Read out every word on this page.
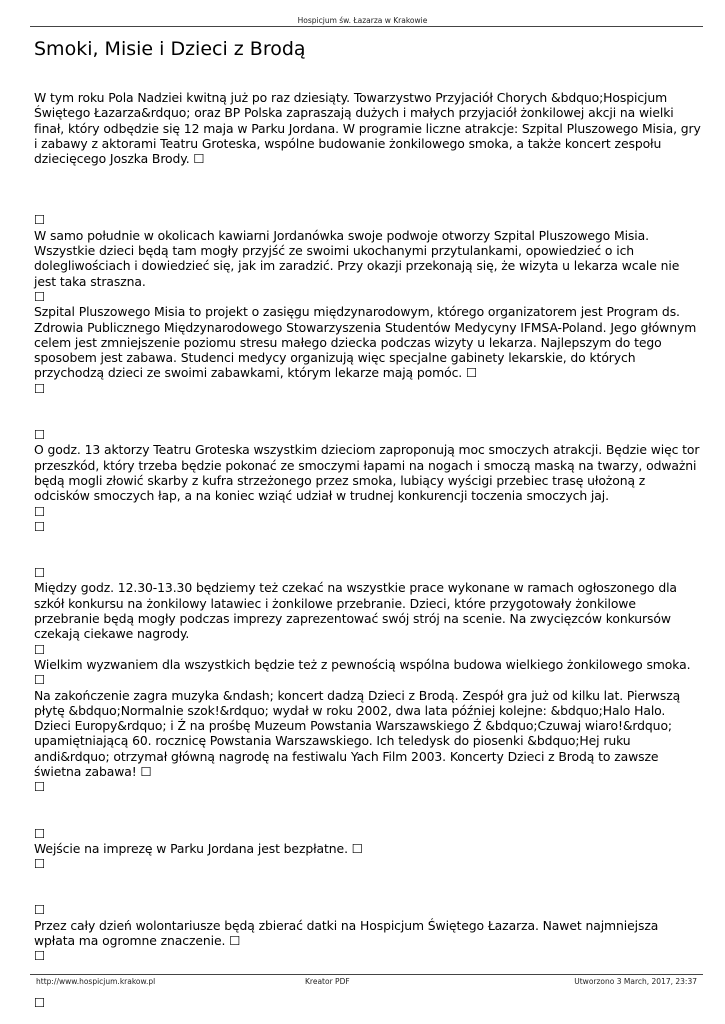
Hospicjum św. Łazarza w Krakowie
Smoki, Misie i Dzieci z Brodą
W tym roku Pola Nadziei kwitną już po raz dziesiąty. Towarzystwo Przyjaciół Chorych &bdquo;Hospicjum Świętego Łazarza&rdquo; oraz BP Polska zapraszają dużych i małych przyjaciół żonkilowej akcji na wielki finał, który odbędzie się 12 maja w Parku Jordana. W programie liczne atrakcje: Szpital Pluszowego Misia, gry i zabawy z aktorami Teatru Groteska, wspólne budowanie żonkilowego smoka, a także koncert zespołu dziecięcego Joszka Brody. ☐
☐
W samo południe w okolicach kawiarni Jordanówka swoje podwoje otworzy Szpital Pluszowego Misia. Wszystkie dzieci będą tam mogły przyjść ze swoimi ukochanymi przytulankami, opowiedzieć o ich dolegliwościach i dowiedzieć się, jak im zaradzić. Przy okazji przekonają się, że wizyta u lekarza wcale nie jest taka straszna.
☐
Szpital Pluszowego Misia to projekt o zasięgu międzynarodowym, którego organizatorem jest Program ds. Zdrowia Publicznego Międzynarodowego Stowarzyszenia Studentów Medycyny IFMSA-Poland. Jego głównym celem jest zmniejszenie poziomu stresu małego dziecka podczas wizyty u lekarza. Najlepszym do tego sposobem jest zabawa. Studenci medycy organizują więc specjalne gabinety lekarskie, do których przychodzą dzieci ze swoimi zabawkami, którym lekarze mają pomóc. ☐
☐
☐
O godz. 13 aktorzy Teatru Groteska wszystkim dzieciom zaproponują moc smoczych atrakcji. Będzie więc tor przeszkód, który trzeba będzie pokonać ze smoczymi łapami na nogach i smoczą maską na twarzy, odważni będą mogli złowić skarby z kufra strzeżonego przez smoka, lubiący wyścigi przebiec trasę ułożoną z odcisków smoczych łap, a na koniec wziąć udział w trudnej konkurencji toczenia smoczych jaj.
☐
☐
☐
Między godz. 12.30-13.30 będziemy też czekać na wszystkie prace wykonane w ramach ogłoszonego dla szkół konkursu na żonkilowy latawiec i żonkilowe przebranie. Dzieci, które przygotowały żonkilowe przebranie będą mogły podczas imprezy zaprezentować swój strój na scenie. Na zwycięzców konkursów czekają ciekawe nagrody.
☐
Wielkim wyzwaniem dla wszystkich będzie też z pewnością wspólna budowa wielkiego żonkilowego smoka.
☐
Na zakończenie zagra muzyka &ndash; koncert dadzą Dzieci z Brodą. Zespół gra już od kilku lat. Pierwszą płytę &bdquo;Normalnie szok!&rdquo; wydał w roku 2002, dwa lata później kolejne: &bdquo;Halo Halo. Dzieci Europy&rdquo; i Ź na prośbę Muzeum Powstania Warszawskiego Ź &bdquo;Czuwaj wiaro!&rdquo; upamiętniającą 60. rocznicę Powstania Warszawskiego. Ich teledysk do piosenki &bdquo;Hej ruku andi&rdquo; otrzymał główną nagrodę na festiwalu Yach Film 2003. Koncerty Dzieci z Brodą to zawsze świetna zabawa! ☐
☐
☐
Wejście na imprezę w Parku Jordana jest bezpłatne. ☐
☐
☐
Przez cały dzień wolontariusze będą zbierać datki na Hospicjum Świętego Łazarza. Nawet najmniejsza wpłata ma ogromne znaczenie. ☐
☐
☐
http://www.hospicjum.krakow.pl	Kreator PDF	Utworzono 3 March, 2017, 23:37
